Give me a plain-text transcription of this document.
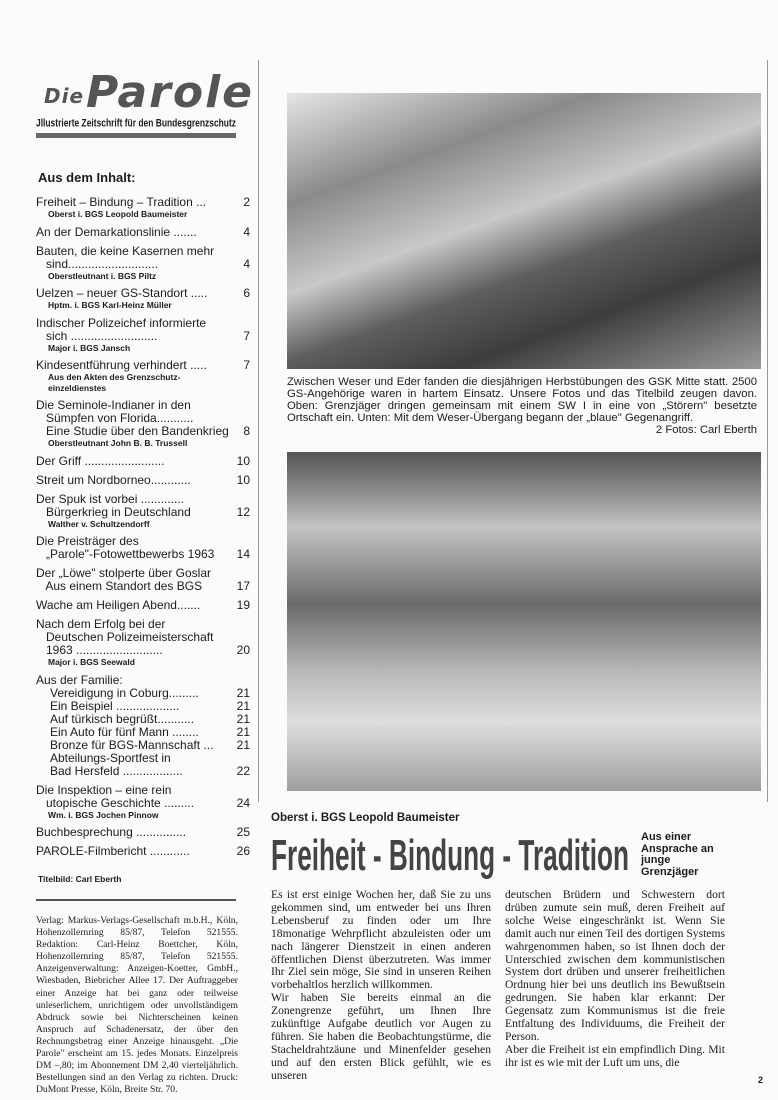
Die Parole
Jllustrierte Zeitschrift für den Bundesgrenzschutz
Aus dem Inhalt:
Freiheit – Bindung – Tradition ...	2
Oberst i. BGS Leopold Baumeister
An der Demarkationslinie .......	4
Bauten, die keine Kasernen mehr
sind...........................	4
Oberstleutnant i. BGS Piltz
Uelzen – neuer GS-Standort .....	6
Hptm. i. BGS Karl-Heinz Müller
Indischer Polizeichef informierte
sich ..........................	7
Major i. BGS Jansch
Kindesentführung verhindert .....	7
Aus den Akten des Grenzschutz-
einzeldienstes
Die Seminole-Indianer in den
Sümpfen von Florida...........
Eine Studie über den Bandenkrieg	8
Oberstleutnant John B. B. Trussell
Der Griff ........................	10
Streit um Nordborneo............	10
Der Spuk ist vorbei .............
Bürgerkrieg in Deutschland	12
Walther v. Schultzendorff
Die Preisträger des
„Parole"-Fotowettbewerbs 1963	14
Der „Löwe" stolperte über Goslar
Aus einem Standort des BGS	17
Wache am Heiligen Abend.......	19
Nach dem Erfolg bei der
Deutschen Polizeimeisterschaft
1963 ..........................	20
Major i. BGS Seewald
Aus der Familie:
Vereidigung in Coburg.........	21
Ein Beispiel ...................	21
Auf türkisch begrüßt...........	21
Ein Auto für fünf Mann ........	21
Bronze für BGS-Mannschaft ...	21
Abteilungs-Sportfest in
Bad Hersfeld ..................	22
Die Inspektion – eine rein
utopische Geschichte .........	24
Wm. i. BGS Jochen Pinnow
Buchbesprechung ...............	25
PAROLE-Filmbericht ............	26
Titelbild: Carl Eberth
Verlag: Markus-Verlags-Gesellschaft m.b.H., Köln, Hohenzollernring 85/87, Telefon 521555. Redaktion: Carl-Heinz Boettcher, Köln, Hohenzollernring 85/87, Telefon 521555. Anzeigenverwaltung: Anzeigen-Koetter, GmbH., Wiesbaden, Biebricher Allee 17. Der Auftraggeber einer Anzeige hat bei ganz oder teilweise unleserlichem, unrichtigem oder unvollständigem Abdruck sowie bei Nichterscheinen keinen Anspruch auf Schadenersatz, der über den Rechnungsbetrag einer Anzeige hinausgeht. „Die Parole" erscheint am 15. jedes Monats. Einzelpreis DM –,80; im Abonnement DM 2,40 vierteljährlich. Bestellungen sind an den Verlag zu richten. Druck: DuMont Presse, Köln, Breite Str. 70.
Zwischen Weser und Eder fanden die diesjährigen Herbstübungen des GSK Mitte statt. 2500 GS-Angehörige waren in hartem Einsatz. Unsere Fotos und das Titelbild zeugen davon. Oben: Grenzjäger dringen gemeinsam mit einem SW I in eine von „Störern" besetzte Ortschaft ein. Unten: Mit dem Weser-Übergang begann der „blaue" Gegenangriff.
2 Fotos: Carl Eberth
Oberst i. BGS Leopold Baumeister
Freiheit - Bindung - Tradition Aus einer
Ansprache an
junge
Grenzjäger

Es ist erst einige Wochen her, daß Sie zu uns gekommen sind, um entweder bei uns Ihren Lebensberuf zu finden oder um Ihre 18monatige Wehrpflicht abzuleisten oder um nach längerer Dienstzeit in einen anderen öffentlichen Dienst überzutreten. Was immer Ihr Ziel sein möge, Sie sind in unseren Reihen vorbehaltlos herzlich willkommen.

Wir haben Sie bereits einmal an die Zonengrenze geführt, um Ihnen Ihre zukünftige Aufgabe deutlich vor Augen zu führen. Sie haben die Beobachtungstürme, die Stacheldrahtzäune und Minenfelder gesehen und auf den ersten Blick gefühlt, wie es unseren

deutschen Brüdern und Schwestern dort drüben zumute sein muß, deren Freiheit auf solche Weise eingeschränkt ist. Wenn Sie damit auch nur einen Teil des dortigen Systems wahrgenommen haben, so ist Ihnen doch der Unterschied zwischen dem kommunistischen System dort drüben und unserer freiheitlichen Ordnung hier bei uns deutlich ins Bewußtsein gedrungen. Sie haben klar erkannt: Der Gegensatz zum Kommunismus ist die freie Entfaltung des Individuums, die Freiheit der Person.

Aber die Freiheit ist ein empfindlich Ding. Mit ihr ist es wie mit der Luft um uns, die

2
